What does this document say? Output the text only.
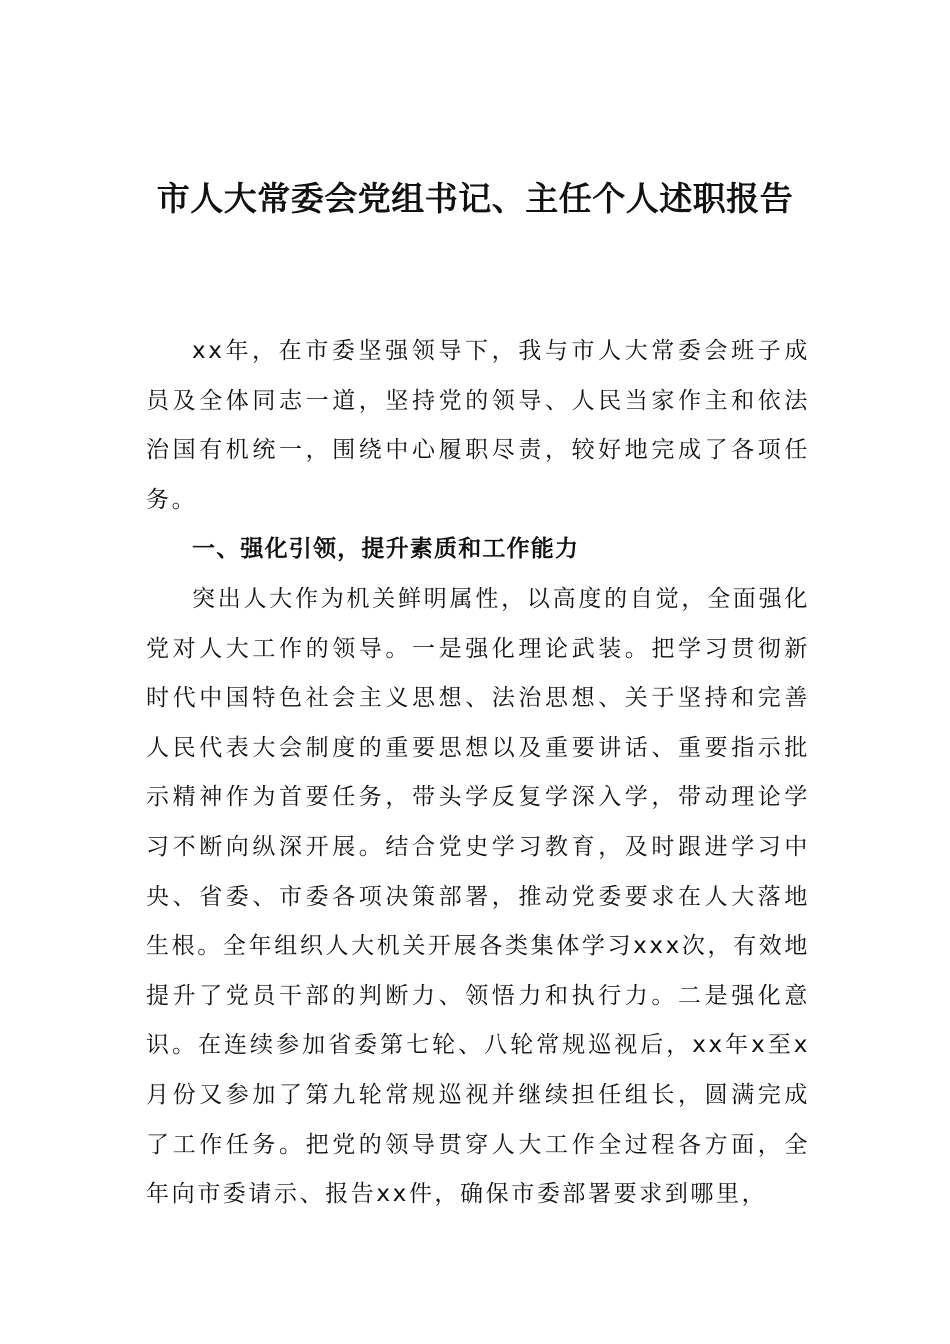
市人大常委会党组书记、主任个人述职报告

xx年，在市委坚强领导下，我与市人大常委会班子成员及全体同志一道，坚持党的领导、人民当家作主和依法治国有机统一，围绕中心履职尽责，较好地完成了各项任务。

一、强化引领，提升素质和工作能力

突出人大作为机关鲜明属性，以高度的自觉，全面强化党对人大工作的领导。一是强化理论武装。把学习贯彻新时代中国特色社会主义思想、法治思想、关于坚持和完善人民代表大会制度的重要思想以及重要讲话、重要指示批示精神作为首要任务，带头学反复学深入学，带动理论学习不断向纵深开展。结合党史学习教育，及时跟进学习中央、省委、市委各项决策部署，推动党委要求在人大落地生根。全年组织人大机关开展各类集体学习xxx次，有效地提升了党员干部的判断力、领悟力和执行力。二是强化意识。在连续参加省委第七轮、八轮常规巡视后，xx年x至x月份又参加了第九轮常规巡视并继续担任组长，圆满完成了工作任务。把党的领导贯穿人大工作全过程各方面，全年向市委请示、报告xx件，确保市委部署要求到哪里，
